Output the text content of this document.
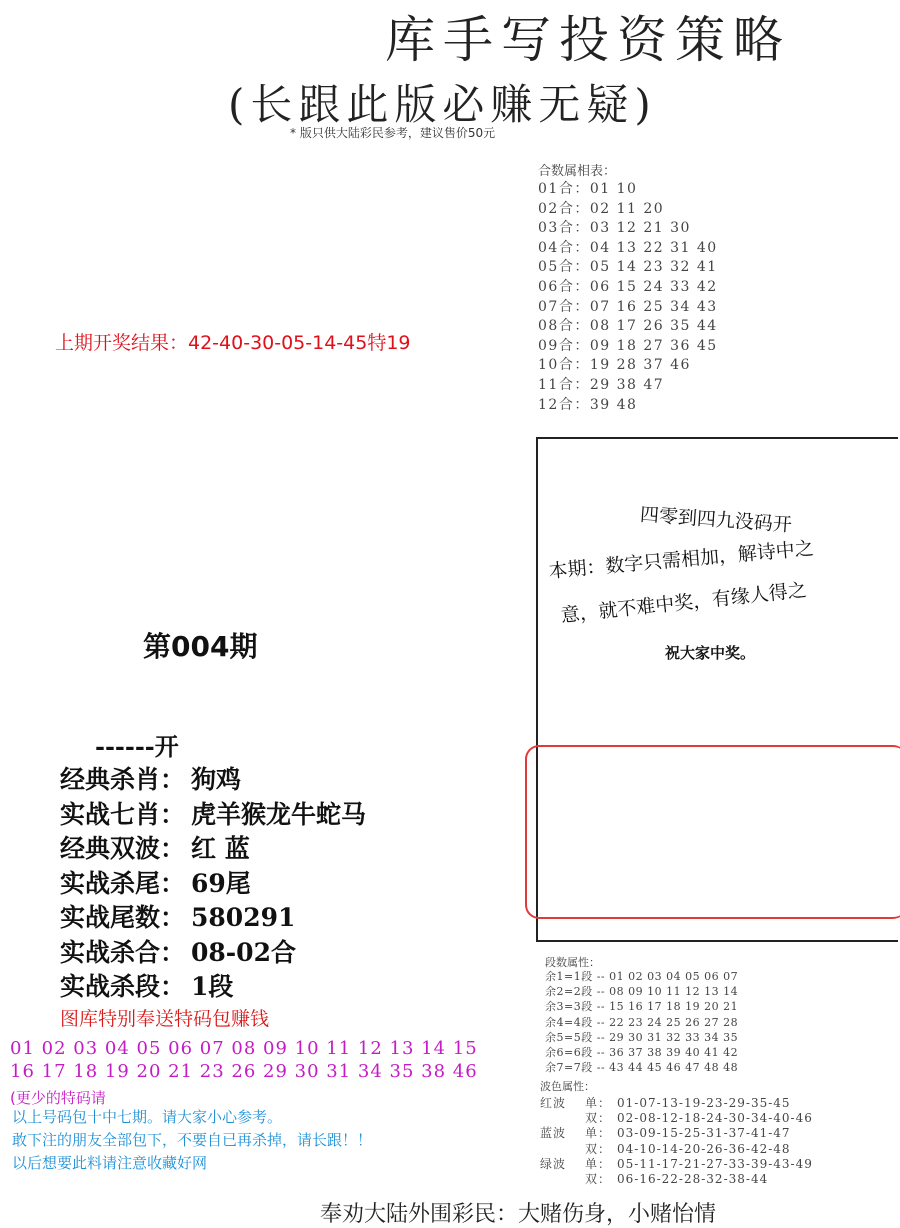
库手写投资策略
(长跟此版必赚无疑)
* 版只供大陆彩民参考，建议售价50元
上期开奖结果：42-40-30-05-14-45特19
合数属相表：
01合：01 10
02合：02 11 20
03合：03 12 21 30
04合：04 13 22 31 40
05合：05 14 23 32 41
06合：06 15 24 33 42
07合：07 16 25 34 43
08合：08 17 26 35 44
09合：09 18 27 36 45
10合：19 28 37 46
11合：29 38 47
12合：39 48
四零到四九没码开
本期：数字只需相加，解诗中之
意，就不难中奖，有缘人得之
祝大家中奖。
第004期
------开
经典杀肖： 狗鸡
实战七肖： 虎羊猴龙牛蛇马
经典双波： 红 蓝
实战杀尾： 69尾
实战尾数： 580291
实战杀合： 08-02合
实战杀段： 1段
图库特别奉送特码包赚钱
01 02 03 04 05 06 07 08 09 10 11 12 13 14 15
16 17 18 19 20 21 23 26 29 30 31 34 35 38 46
(更少的特码请
以上号码包十中七期。请大家小心参考。
敢下注的朋友全部包下，不要自已再杀掉，请长跟！！
以后想要此料请注意收藏好网
段数属性：
余1=1段 -- 01 02 03 04 05 06 07
余2=2段 -- 08 09 10 11 12 13 14
余3=3段 -- 15 16 17 18 19 20 21
余4=4段 -- 22 23 24 25 26 27 28
余5=5段 -- 29 30 31 32 33 34 35
余6=6段 -- 36 37 38 39 40 41 42
余7=7段 -- 43 44 45 46 47 48 48
波色属性：
红波 单： 01-07-13-19-23-29-35-45
双： 02-08-12-18-24-30-34-40-46
蓝波 单： 03-09-15-25-31-37-41-47
双： 04-10-14-20-26-36-42-48
绿波 单： 05-11-17-21-27-33-39-43-49
双： 06-16-22-28-32-38-44
奉劝大陆外围彩民：大赌伤身，小赌怡情
